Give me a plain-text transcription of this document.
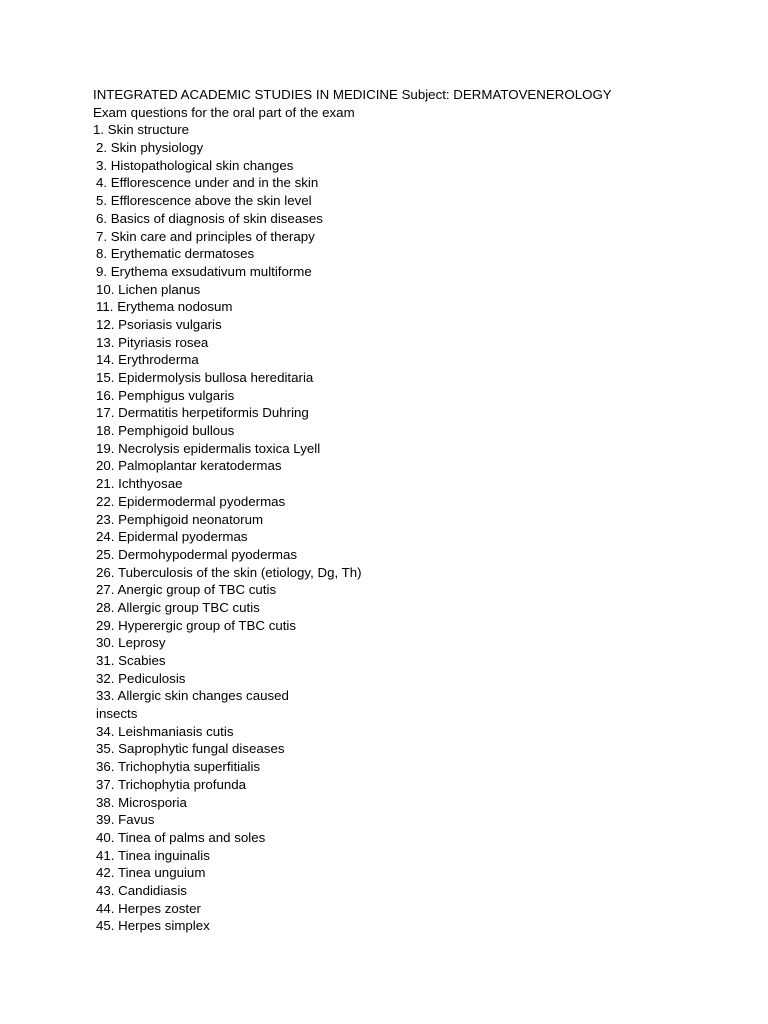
INTEGRATED ACADEMIC STUDIES IN MEDICINE Subject: DERMATOVENEROLOGY
Exam questions for the oral part of the exam
1. Skin structure
2. Skin physiology
3. Histopathological skin changes
4. Efflorescence under and in the skin
5. Efflorescence above the skin level
6. Basics of diagnosis of skin diseases
7. Skin care and principles of therapy
8. Erythematic dermatoses
9. Erythema exsudativum multiforme
10. Lichen planus
11. Erythema nodosum
12. Psoriasis vulgaris
13. Pityriasis rosea
14. Erythroderma
15. Epidermolysis bullosa hereditaria
16. Pemphigus vulgaris
17. Dermatitis herpetiformis Duhring
18. Pemphigoid bullous
19. Necrolysis epidermalis toxica Lyell
20. Palmoplantar keratodermas
21. Ichthyosae
22. Epidermodermal pyodermas
23. Pemphigoid neonatorum
24. Epidermal pyodermas
25. Dermohypodermal pyodermas
26. Tuberculosis of the skin (etiology, Dg, Th)
27. Anergic group of TBC cutis
28. Allergic group TBC cutis
29. Hyperergic group of TBC cutis
30. Leprosy
31. Scabies
32. Pediculosis
33. Allergic skin changes caused
insects
34. Leishmaniasis cutis
35. Saprophytic fungal diseases
36. Trichophytia superfitialis
37. Trichophytia profunda
38. Microsporia
39. Favus
40. Tinea of palms and soles
41. Tinea inguinalis
42. Tinea unguium
43. Candidiasis
44. Herpes zoster
45. Herpes simplex
